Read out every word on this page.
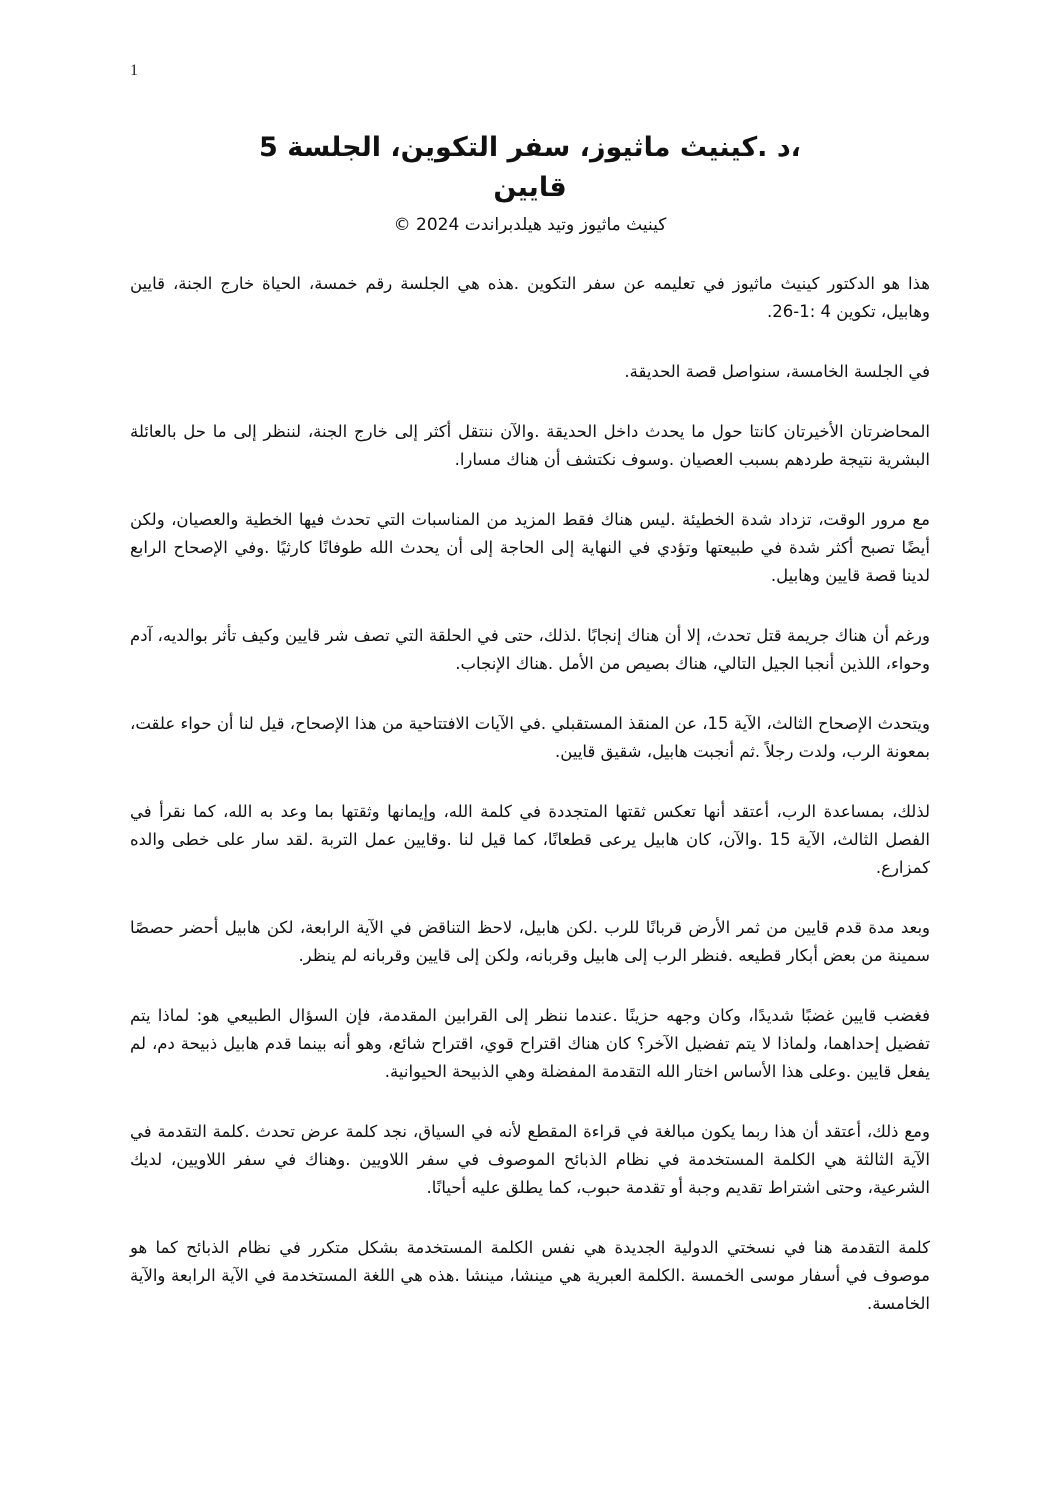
1

،د .كينيث ماثيوز، سفر التكوين، الجلسة 5

قايين

كينيث ماثيوز وتيد هيلدبراندت 2024 ©

هذا هو الدكتور كينيث ماثيوز في تعليمه عن سفر التكوين .هذه هي الجلسة رقم خمسة، الحياة خارج الجنة، قايين وهابيل، تكوين 4 :1-26.

في الجلسة الخامسة، سنواصل قصة الحديقة.

المحاضرتان الأخيرتان كانتا حول ما يحدث داخل الحديقة .والآن ننتقل أكثر إلى خارج الجنة، لننظر إلى ما حل بالعائلة البشرية نتيجة طردهم بسبب العصيان .وسوف نكتشف أن هناك مسارا.

مع مرور الوقت، تزداد شدة الخطيئة .ليس هناك فقط المزيد من المناسبات التي تحدث فيها الخطية والعصيان، ولكن أيضًا تصبح أكثر شدة في طبيعتها وتؤدي في النهاية إلى الحاجة إلى أن يحدث الله طوفانًا كارثيًا .وفي الإصحاح الرابع لدينا قصة قايين وهابيل.

ورغم أن هناك جريمة قتل تحدث، إلا أن هناك إنجابًا .لذلك، حتى في الحلقة التي تصف شر قايين وكيف تأثر بوالديه، آدم وحواء، اللذين أنجبا الجيل التالي، هناك بصيص من الأمل .هناك الإنجاب.

ويتحدث الإصحاح الثالث، الآية 15، عن المنقذ المستقبلي .في الآيات الافتتاحية من هذا الإصحاح، قيل لنا أن حواء علقت، بمعونة الرب، ولدت رجلاً .ثم أنجبت هابيل، شقيق قايين.

لذلك، بمساعدة الرب، أعتقد أنها تعكس ثقتها المتجددة في كلمة الله، وإيمانها وثقتها بما وعد به الله، كما نقرأ في الفصل الثالث، الآية 15 .والآن، كان هابيل يرعى قطعانًا، كما قيل لنا .وقايين عمل التربة .لقد سار على خطى والده كمزارع.

وبعد مدة قدم قايين من ثمر الأرض قربانًا للرب .لكن هابيل، لاحظ التناقض في الآية الرابعة، لكن هابيل أحضر حصصًا سمينة من بعض أبكار قطيعه .فنظر الرب إلى هابيل وقربانه، ولكن إلى قايين وقربانه لم ينظر.

فغضب قايين غضبًا شديدًا، وكان وجهه حزينًا .عندما ننظر إلى القرابين المقدمة، فإن السؤال الطبيعي هو: لماذا يتم تفضيل إحداهما، ولماذا لا يتم تفضيل الآخر؟ كان هناك اقتراح قوي، اقتراح شائع، وهو أنه بينما قدم هابيل ذبيحة دم، لم يفعل قايين .وعلى هذا الأساس اختار الله التقدمة المفضلة وهي الذبيحة الحيوانية.

ومع ذلك، أعتقد أن هذا ربما يكون مبالغة في قراءة المقطع لأنه في السياق، نجد كلمة عرض تحدث .كلمة التقدمة في الآية الثالثة هي الكلمة المستخدمة في نظام الذبائح الموصوف في سفر اللاويين .وهناك في سفر اللاويين، لديك الشرعية، وحتى اشتراط تقديم وجبة أو تقدمة حبوب، كما يطلق عليه أحيانًا.

كلمة التقدمة هنا في نسختي الدولية الجديدة هي نفس الكلمة المستخدمة بشكل متكرر في نظام الذبائح كما هو موصوف في أسفار موسى الخمسة .الكلمة العبرية هي مينشا، مينشا .هذه هي اللغة المستخدمة في الآية الرابعة والآية الخامسة.
